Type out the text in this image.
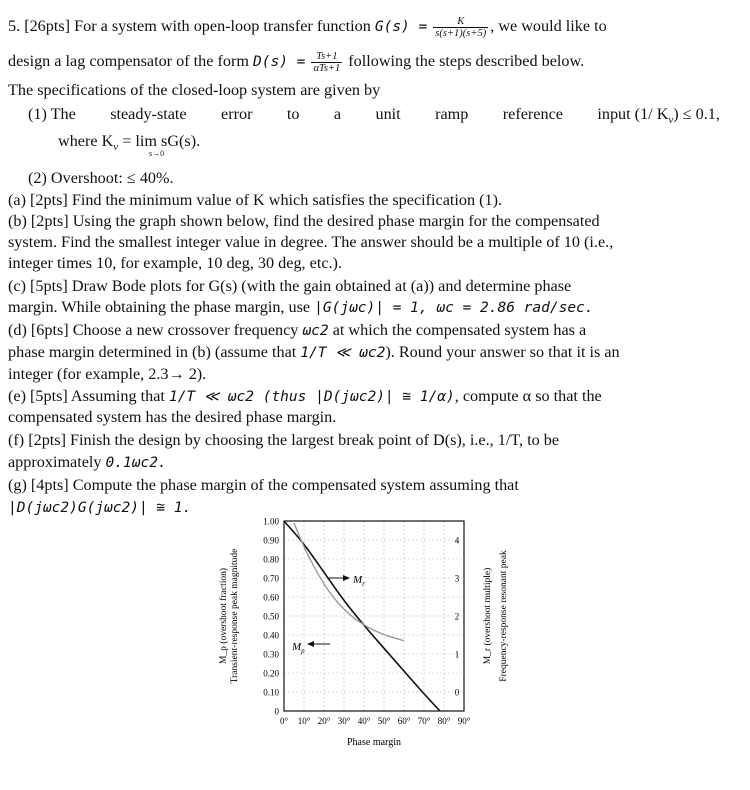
5. [26pts] For a system with open-loop transfer function $G(s) = \frac{K}{s(s+1)(s+5)}$ , we would like to
design a lag compensator of the form $D(s) = \frac{Ts+1}{\text{αTs+1}}$ following the steps described below.
The specifications of the closed-loop system are given by
(1) The steady-state error to a unit ramp reference input (1/ $K_v) \le 0.1$,
where $K_v = \lim sG(s)$.
s→0
(2) Overshoot: ≤ 40%.
(a) [2pts] Find the minimum value of K which satisfies the specification (1).
(b) [2pts] Using the graph shown below, find the desired phase margin for the compensated
system. Find the smallest integer value in degree. The answer should be a multiple of 10 (i.e.,
integer times 10, for example, 10 deg, 30 deg, etc.).
(c) [5pts] Draw Bode plots for G(s) (with the gain obtained at (a)) and determine phase
margin. While obtaining the phase margin, use |G(jωc)| = 1, ωc = 2.86 rad/sec.
(d) [6pts] Choose a new crossover frequency ωc2 at which the compensated system has a
phase margin determined in (b) (assume that 1/T ≪ ωc2). Round your answer so that it is an
integer (for example, 2.3→ 2).
(e) [5pts] Assuming that 1/T ≪ ωc2 (thus |D(jωc2)| ≅ 1/α), compute α so that the
compensated system has the desired phase margin.
(f) [2pts] Finish the design by choosing the largest break point of D(s), i.e., 1/T, to be
approximately 0.1ωc2.
(g) [4pts] Compute the phase margin of the compensated system assuming that
|D(jωc2)G(jωc2)| ≅ 1.
0° 10° 20° 30° 40° 50° 60° 70° 80° 90°
0
0.10
0.20
0.30
0.40
0.50
0.60
0.70
0.80
0.90
1.00
0
1
2
3
4
Phase margin
Transient-response peak magnitude
M_p (overshoot fraction)	Frequency-response resonant peak
M_r (overshoot multiple)
$M_r$
$M_p$
